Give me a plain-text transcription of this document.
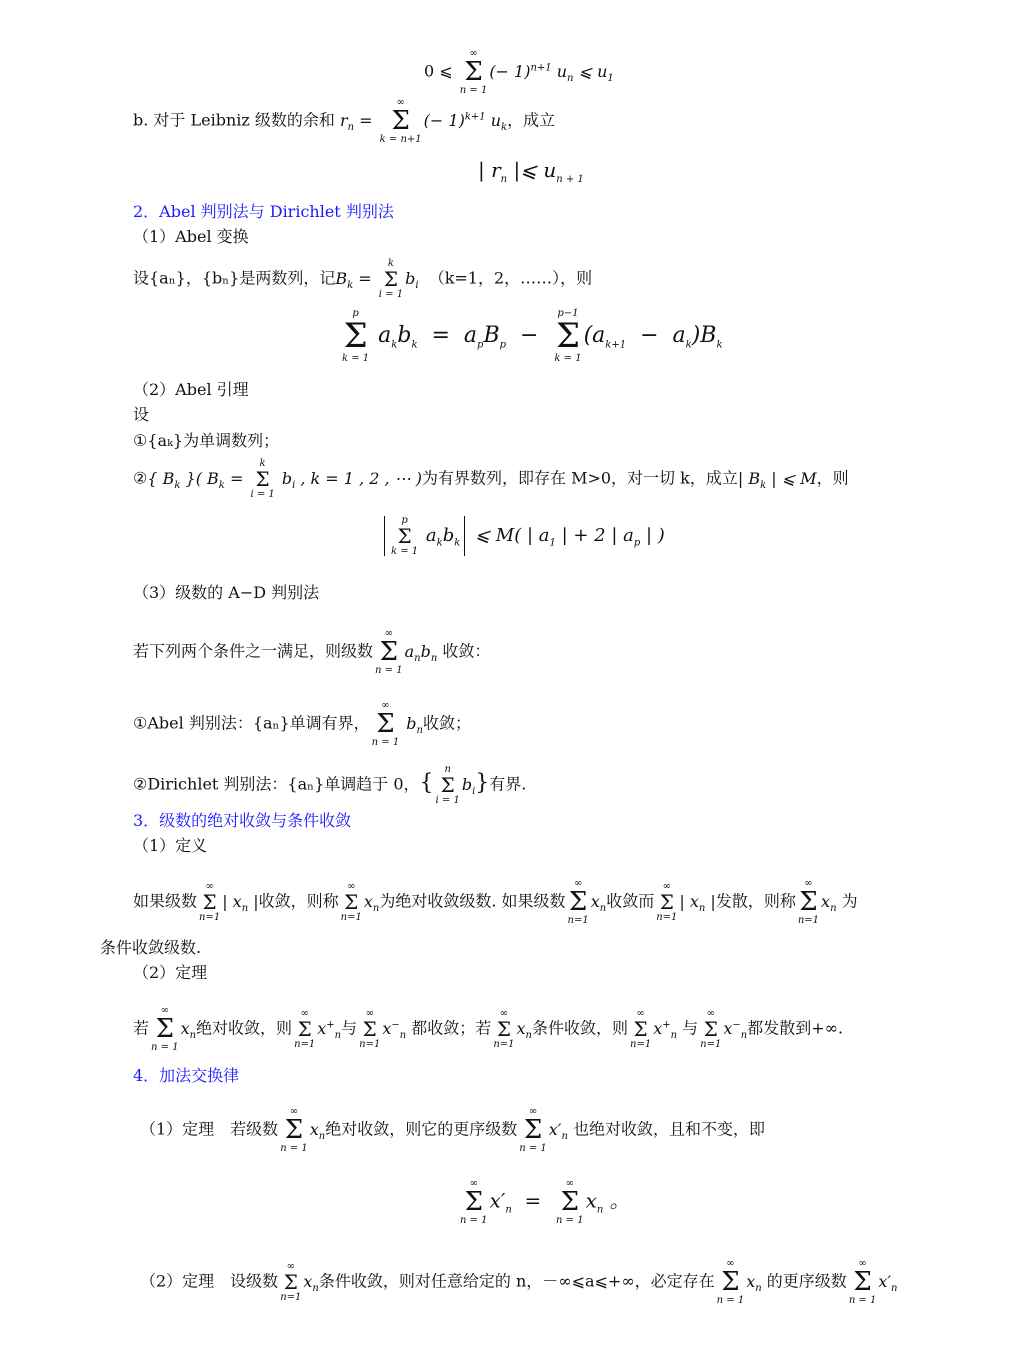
0 ⩽
∞
Σ
n = 1
(− 1)$^{n+1}$ $u_n$ ⩽ $u_1$
b. 对于 Leibniz 级数的余和 $r_n$ =
∞
Σ
k = n+1
(− 1)$^{k+1}$ $u_k$，成立
| $r_n$ |⩽ $u_{n + 1}$
2．Abel 判别法与 Dirichlet 判别法
（1）Abel 变换
设{aₙ}，{bₙ}是两数列，记$B_k$ =
k
Σ
i = 1
$b_i$ （k=1，2，……），则
p
Σ
k = 1
$a_kb_k = a_pB_p$  −
p−1
Σ
k = 1
$(a_{k+1} - a_k)B_k$
（2）Abel 引理
设
①{aₖ}为单调数列；
②{ $B_k$ }( $B_k$ =
k
Σ
i = 1
$b_i$ , k = 1 , 2 , ⋯ )为有界数列，即存在 M>0，对一切 k，成立| $B_k$ | ⩽ M，则
p
Σ
k = 1
$a_kb_k$ ⩽ M( | $a_1$ | + 2 | $a_p$ | )
（3）级数的 A−D 判别法
若下列两个条件之一满足，则级数
∞
Σ
n = 1
$a_nb_n$ 收敛：
①Abel 判别法：{aₙ}单调有界，
∞
Σ
n = 1
$b_n$收敛；
②Dirichlet 判别法：{aₙ}单调趋于 0，{
n
Σ
i = 1
$b_i$}有界.
3．级数的绝对收敛与条件收敛
（1）定义
如果级数
∞
Σ
n=1
| $x_n$ |收敛，则称
∞
Σ
n=1
$x_n$为绝对收敛级数. 如果级数
∞
Σ
n=1
$x_n$收敛而
∞
Σ
n=1
| $x_n$ |发散，则称
∞
Σ
n=1
$x_n$ 为
条件收敛级数.
（2）定理
若
∞
Σ
n = 1
$x_n$绝对收敛，则
∞
Σ
n=1
$x^+_n$与
∞
Σ
n=1
$x^-_n$ 都收敛；若
∞
Σ
n=1
$x_n$条件收敛，则
∞
Σ
n=1
$x^+_n$ 与
∞
Σ
n=1
$x^-_n$都发散到+∞.
4．加法交换律
（1）定理　若级数
∞
Σ
n = 1
$x_n$绝对收敛，则它的更序级数
∞
Σ
n = 1
$x'_n$ 也绝对收敛，且和不变，即
∞
Σ
n = 1
$x'_n$  =
∞
Σ
n = 1
$x_n$ 。
（2）定理　设级数
∞
Σ
n=1
$x_n$条件收敛，则对任意给定的 n，－∞⩽a⩽+∞，必定存在
∞
Σ
n = 1
$x_n$ 的更序级数
∞
Σ
n = 1
$x'_n$
